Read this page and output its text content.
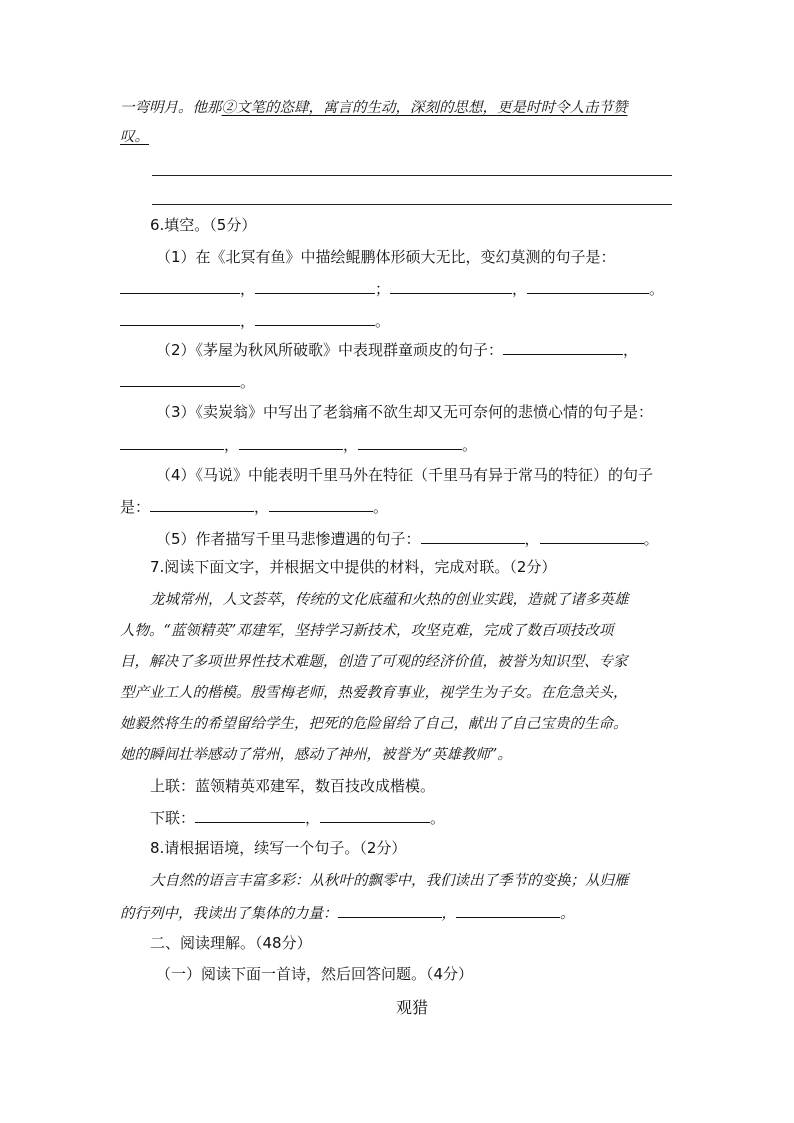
一弯明月。他那②文笔的恣肆，寓言的生动，深刻的思想，更是时时令人击节赞
叹。
6.填空。（5分）
（1）在《北冥有鱼》中描绘鲲鹏体形硕大无比，变幻莫测的句子是：
，	；	，	。
，	。
（2）《茅屋为秋风所破歌》中表现群童顽皮的句子：	，
。
（3）《卖炭翁》中写出了老翁痛不欲生却又无可奈何的悲愤心情的句子是：
，	，	。
（4）《马说》中能表明千里马外在特征（千里马有异于常马的特征）的句子
是：	，	。
（5）作者描写千里马悲惨遭遇的句子：	，	。
7.阅读下面文字，并根据文中提供的材料，完成对联。（2分）
龙城常州，人文荟萃，传统的文化底蕴和火热的创业实践，造就了诸多英雄
人物。“蓝领精英”邓建军，坚持学习新技术，攻坚克难，完成了数百项技改项
目，解决了多项世界性技术难题，创造了可观的经济价值，被誉为知识型、专家
型产业工人的楷模。殷雪梅老师，热爱教育事业，视学生为子女。在危急关头，
她毅然将生的希望留给学生，把死的危险留给了自己，献出了自己宝贵的生命。
她的瞬间壮举感动了常州，感动了神州，被誉为“英雄教师”。
上联：蓝领精英邓建军，数百技改成楷模。
下联：	，	。
8.请根据语境，续写一个句子。（2分）
大自然的语言丰富多彩：从秋叶的飘零中，我们读出了季节的变换；从归雁
的行列中，我读出了集体的力量：	，	。
二、阅读理解。（48分）
（一）阅读下面一首诗，然后回答问题。（4分）
观猎
